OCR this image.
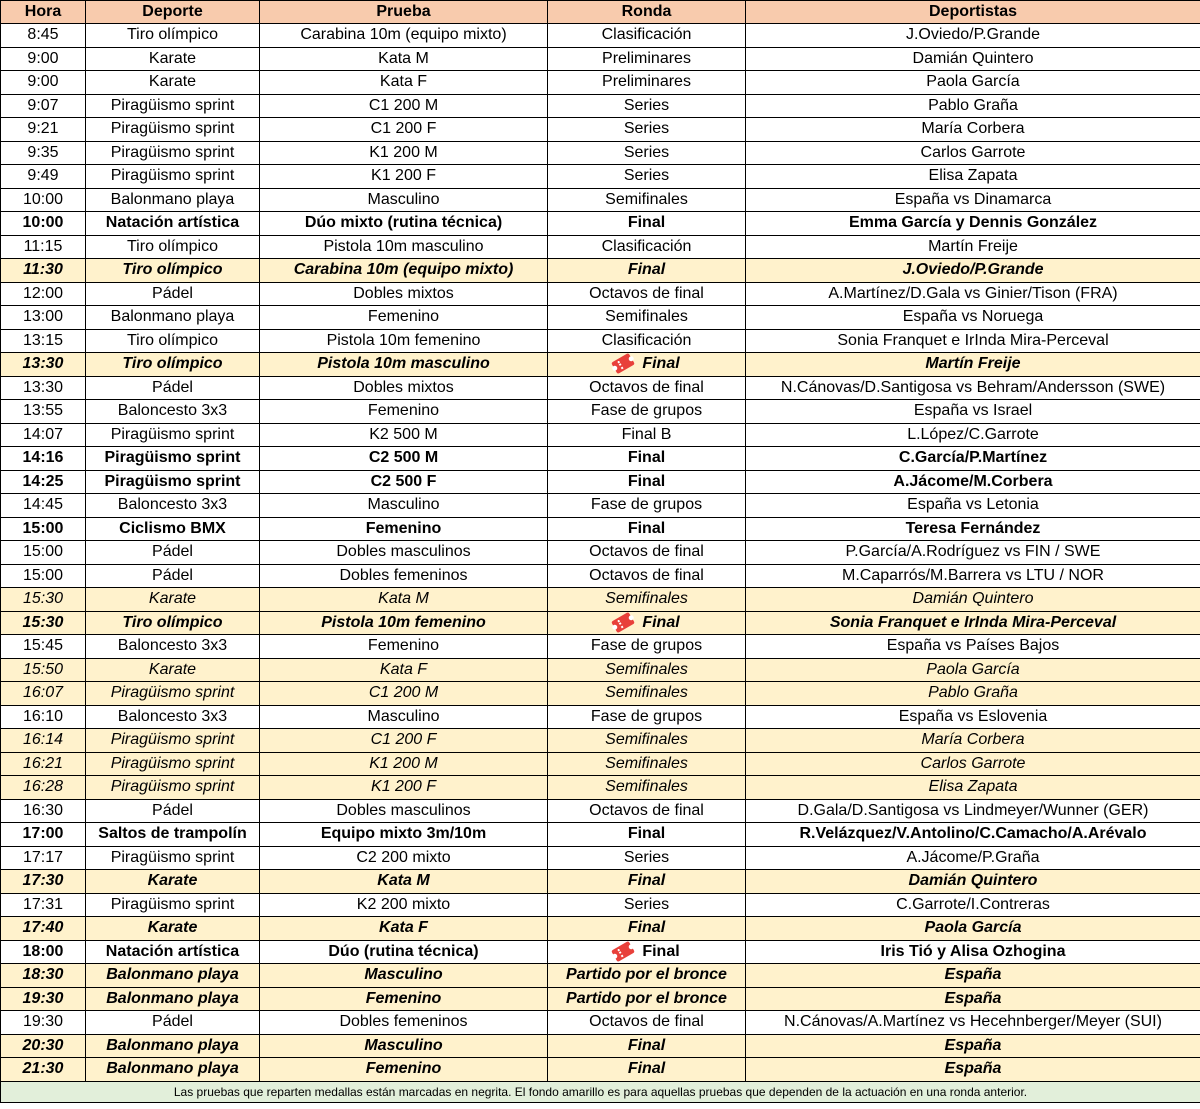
Hora	Deporte	Prueba	Ronda	Deportistas
8:45	Tiro olímpico	Carabina 10m (equipo mixto)	Clasificación	J.Oviedo/P.Grande
9:00	Karate	Kata M	Preliminares	Damián Quintero
9:00	Karate	Kata F	Preliminares	Paola García
9:07	Piragüismo sprint	C1 200 M	Series	Pablo Graña
9:21	Piragüismo sprint	C1 200 F	Series	María Corbera
9:35	Piragüismo sprint	K1 200 M	Series	Carlos Garrote
9:49	Piragüismo sprint	K1 200 F	Series	Elisa Zapata
10:00	Balonmano playa	Masculino	Semifinales	España vs Dinamarca
10:00	Natación artística	Dúo mixto (rutina técnica)	Final	Emma García y Dennis González
11:15	Tiro olímpico	Pistola 10m masculino	Clasificación	Martín Freije
11:30	Tiro olímpico	Carabina 10m (equipo mixto)	Final	J.Oviedo/P.Grande
12:00	Pádel	Dobles mixtos	Octavos de final	A.Martínez/D.Gala vs Ginier/Tison (FRA)
13:00	Balonmano playa	Femenino	Semifinales	España vs Noruega
13:15	Tiro olímpico	Pistola 10m femenino	Clasificación	Sonia Franquet e IrInda Mira-Perceval
13:30	Tiro olímpico	Pistola 10m masculino	Final	Martín Freije
13:30	Pádel	Dobles mixtos	Octavos de final	N.Cánovas/D.Santigosa vs Behram/Andersson (SWE)
13:55	Baloncesto 3x3	Femenino	Fase de grupos	España vs Israel
14:07	Piragüismo sprint	K2 500 M	Final B	L.López/C.Garrote
14:16	Piragüismo sprint	C2 500 M	Final	C.García/P.Martínez
14:25	Piragüismo sprint	C2 500 F	Final	A.Jácome/M.Corbera
14:45	Baloncesto 3x3	Masculino	Fase de grupos	España vs Letonia
15:00	Ciclismo BMX	Femenino	Final	Teresa Fernández
15:00	Pádel	Dobles masculinos	Octavos de final	P.García/A.Rodríguez vs FIN / SWE
15:00	Pádel	Dobles femeninos	Octavos de final	M.Caparrós/M.Barrera vs LTU / NOR
15:30	Karate	Kata M	Semifinales	Damián Quintero
15:30	Tiro olímpico	Pistola 10m femenino	Final	Sonia Franquet e IrInda Mira-Perceval
15:45	Baloncesto 3x3	Femenino	Fase de grupos	España vs Países Bajos
15:50	Karate	Kata F	Semifinales	Paola García
16:07	Piragüismo sprint	C1 200 M	Semifinales	Pablo Graña
16:10	Baloncesto 3x3	Masculino	Fase de grupos	España vs Eslovenia
16:14	Piragüismo sprint	C1 200 F	Semifinales	María Corbera
16:21	Piragüismo sprint	K1 200 M	Semifinales	Carlos Garrote
16:28	Piragüismo sprint	K1 200 F	Semifinales	Elisa Zapata
16:30	Pádel	Dobles masculinos	Octavos de final	D.Gala/D.Santigosa vs Lindmeyer/Wunner (GER)
17:00	Saltos de trampolín	Equipo mixto 3m/10m	Final	R.Velázquez/V.Antolino/C.Camacho/A.Arévalo
17:17	Piragüismo sprint	C2 200 mixto	Series	A.Jácome/P.Graña
17:30	Karate	Kata M	Final	Damián Quintero
17:31	Piragüismo sprint	K2 200 mixto	Series	C.Garrote/I.Contreras
17:40	Karate	Kata F	Final	Paola García
18:00	Natación artística	Dúo (rutina técnica)	Final	Iris Tió y Alisa Ozhogina
18:30	Balonmano playa	Masculino	Partido por el bronce	España
19:30	Balonmano playa	Femenino	Partido por el bronce	España
19:30	Pádel	Dobles femeninos	Octavos de final	N.Cánovas/A.Martínez vs Hecehnberger/Meyer (SUI)
20:30	Balonmano playa	Masculino	Final	España
21:30	Balonmano playa	Femenino	Final	España
Las pruebas que reparten medallas están marcadas en negrita. El fondo amarillo es para aquellas pruebas que dependen de la actuación en una ronda anterior.				
